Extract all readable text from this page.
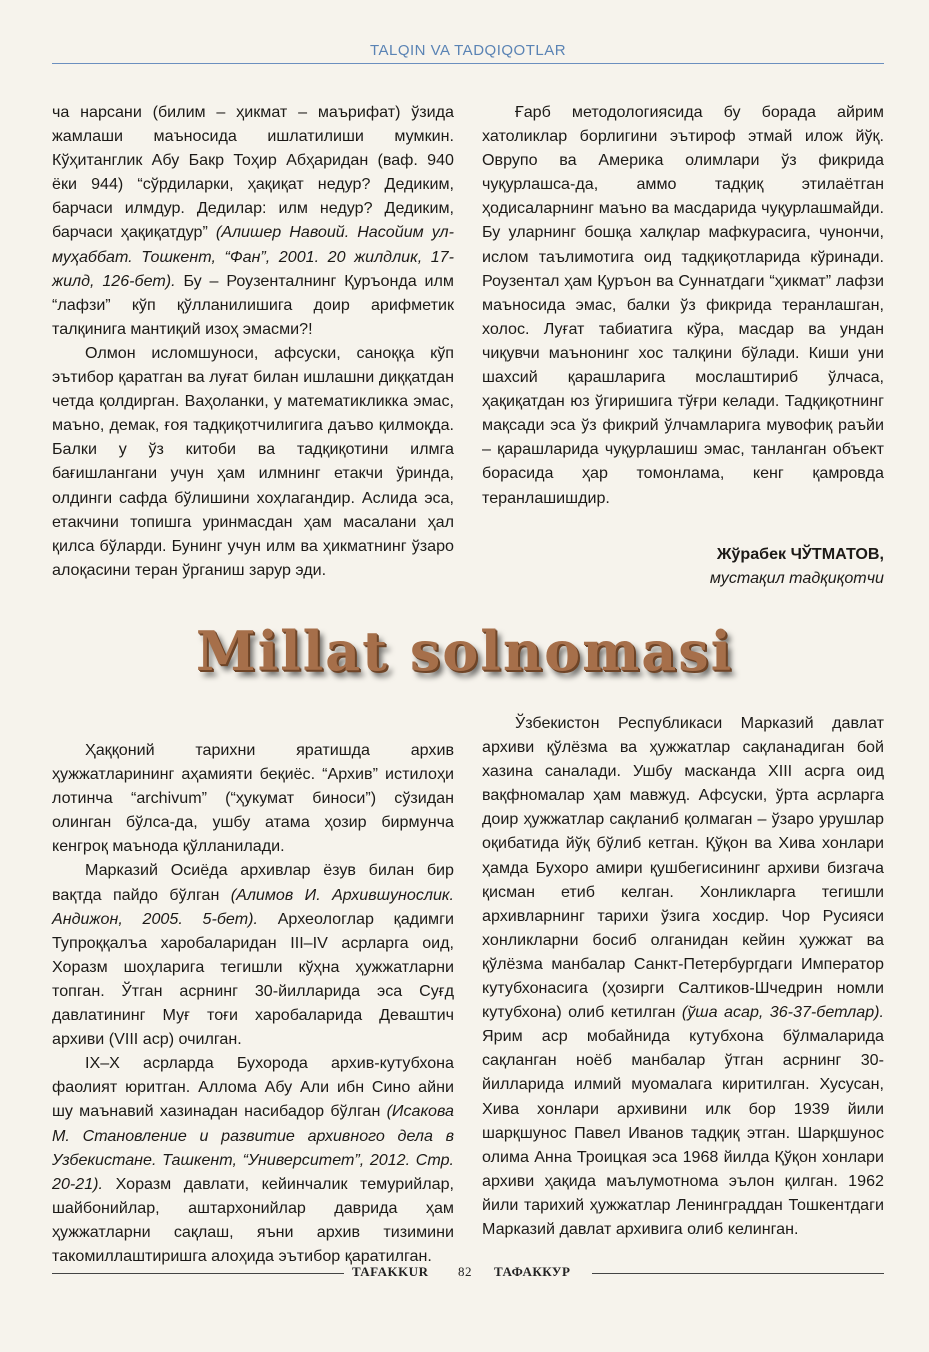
TALQIN VA TADQIQOTLAR

ча нарсани (билим – ҳикмат – маърифат) ўзида жамлаши маъносида ишлатилиши мумкин. Кўҳитанглик Абу Бакр Тоҳир Абҳаридан (ваф. 940 ёки 944) “сўрдиларки, ҳақиқат недур? Дедиким, барчаси илмдур. Дедилар: илм недур? Дедиким, барчаси ҳақиқатдур” (Алишер Навоий. Насойим ул-муҳаббат. Тошкент, “Фан”, 2001. 20 жилдлик, 17-жилд, 126-бет). Бу – Роузенталнинг Қуръонда илм “лафзи” кўп қўлланилишига доир арифметик талқинига мантиқий изоҳ эмасми?!

Олмон исломшуноси, афсуски, саноққа кўп эътибор қаратган ва луғат билан ишлашни диққатдан четда қолдирган. Ваҳоланки, у математикликка эмас, маъно, демак, ғоя тадқиқотчилигига даъво қилмоқда. Балки у ўз китоби ва тадқиқотини илмга бағишлангани учун ҳам илмнинг етакчи ўринда, олдинги сафда бўлишини хоҳлагандир. Аслида эса, етакчини топишга уринмасдан ҳам масалани ҳал қилса бўларди. Бунинг учун илм ва ҳикматнинг ўзаро алоқасини теран ўрганиш зарур эди.

Ғарб методологиясида бу борада айрим хатоликлар борлигини эътироф этмай илож йўқ. Оврупо ва Америка олимлари ўз фикрида чуқурлашса-да, аммо тадқиқ этилаётган ҳодисаларнинг маъно ва масдарида чуқурлашмайди. Бу уларнинг бошқа халқлар мафкурасига, чунончи, ислом таълимотига оид тадқиқотларида кўринади. Роузентал ҳам Қуръон ва Суннатдаги “ҳикмат” лафзи маъносида эмас, балки ўз фикрида теранлашган, холос. Луғат табиатига кўра, масдар ва ундан чиқувчи маънонинг хос талқини бўлади. Киши уни шахсий қарашларига мослаштириб ўлчаса, ҳақиқатдан юз ўгиришига тўғри келади. Тадқиқотнинг мақсади эса ўз фикрий ўлчамларига мувофиқ раъйи – қарашларида чуқурлашиш эмас, танланган объект борасида ҳар томонлама, кенг қамровда теранлашишдир.

Жўрабек ЧЎТМАТОВ,
мустақил тадқиқотчи
Millat solnomasi

Ҳаққоний тарихни яратишда архив ҳужжатларининг аҳамияти беқиёс. “Архив” истилоҳи лотинча “archivum” (“ҳукумат биноси”) сўзидан олинган бўлса-да, ушбу атама ҳозир бирмунча кенгроқ маънода қўлланилади.

Марказий Осиёда архивлар ёзув билан бир вақтда пайдо бўлган (Алимов И. Архившунослик. Андижон, 2005. 5-бет). Археологлар қадимги Тупроққалъа харобаларидан III–IV асрларга оид, Хоразм шоҳларига тегишли кўҳна ҳужжатларни топган. Ўтган асрнинг 30-йилларида эса Суғд давлатининг Муғ тоғи харобаларида Деваштич архиви (VIII аср) очилган.

IX–X асрларда Бухорода архив-кутубхона фаолият юритган. Аллома Абу Али ибн Сино айни шу маънавий хазинадан насибадор бўлган (Исакова М. Становление и развитие архивного дела в Узбекистане. Ташкент, “Университет”, 2012. Стр. 20-21). Хоразм давлати, кейинчалик темурийлар, шайбонийлар, аштархонийлар даврида ҳам ҳужжатларни сақлаш, яъни архив тизимини такомиллаштиришга алоҳида эътибор қаратилган.

Ўзбекистон Республикаси Марказий давлат архиви қўлёзма ва ҳужжатлар сақланадиган бой хазина саналади. Ушбу масканда XIII асрга оид вақфномалар ҳам мавжуд. Афсуски, ўрта асрларга доир ҳужжатлар сақланиб қолмаган – ўзаро урушлар оқибатида йўқ бўлиб кетган. Қўқон ва Хива хонлари ҳамда Бухоро амири қушбегисининг архиви бизгача қисман етиб келган. Хонликларга тегишли архивларнинг тарихи ўзига хосдир. Чор Русияси хонликларни босиб олганидан кейин ҳужжат ва қўлёзма манбалар Санкт-Петербургдаги Император кутубхонасига (ҳозирги Салтиков-Шчедрин номли кутубхона) олиб кетилган (ўша асар, 36-37-бетлар). Ярим аср мобайнида кутубхона бўлмаларида сақланган ноёб манбалар ўтган асрнинг 30-йилларида илмий муомалага киритилган. Хусусан, Хива хонлари архивини илк бор 1939 йили шарқшунос Павел Иванов тадқиқ этган. Шарқшунос олима Анна Троицкая эса 1968 йилда Қўқон хонлари архиви ҳақида маълумотнома эълон қилган. 1962 йили тарихий ҳужжатлар Ленинграддан Тошкентдаги Марказий давлат архивига олиб келинган.

TAFAKKUR 82 ТАФАККУР
